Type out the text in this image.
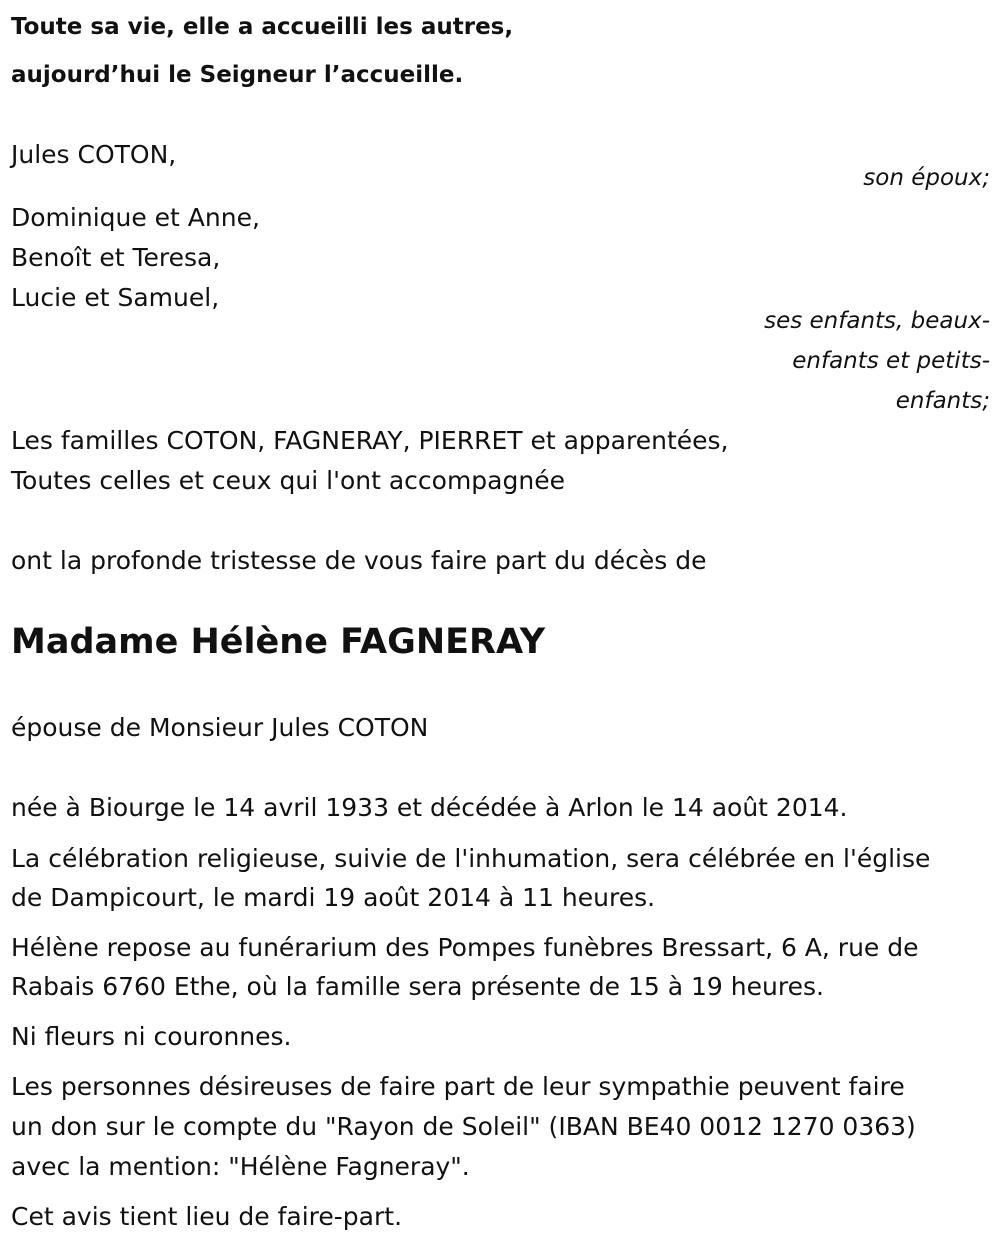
Toute sa vie, elle a accueilli les autres,
aujourd’hui le Seigneur l’accueille.
Jules COTON,
son époux;
Dominique et Anne,
Benoît et Teresa,
Lucie et Samuel,
ses enfants, beaux-
enfants et petits-
enfants;
Les familles COTON, FAGNERAY, PIERRET et apparentées,
Toutes celles et ceux qui l'ont accompagnée
ont la profonde tristesse de vous faire part du décès de
Madame Hélène FAGNERAY
épouse de Monsieur Jules COTON
née à Biourge le 14 avril 1933 et décédée à Arlon le 14 août 2014.
La célébration religieuse, suivie de l'inhumation, sera célébrée en l'église
de Dampicourt, le mardi 19 août 2014 à 11 heures.
Hélène repose au funérarium des Pompes funèbres Bressart, 6 A, rue de
Rabais 6760 Ethe, où la famille sera présente de 15 à 19 heures.
Ni fleurs ni couronnes.
Les personnes désireuses de faire part de leur sympathie peuvent faire
un don sur le compte du "Rayon de Soleil" (IBAN BE40 0012 1270 0363)
avec la mention: "Hélène Fagneray".
Cet avis tient lieu de faire-part.
